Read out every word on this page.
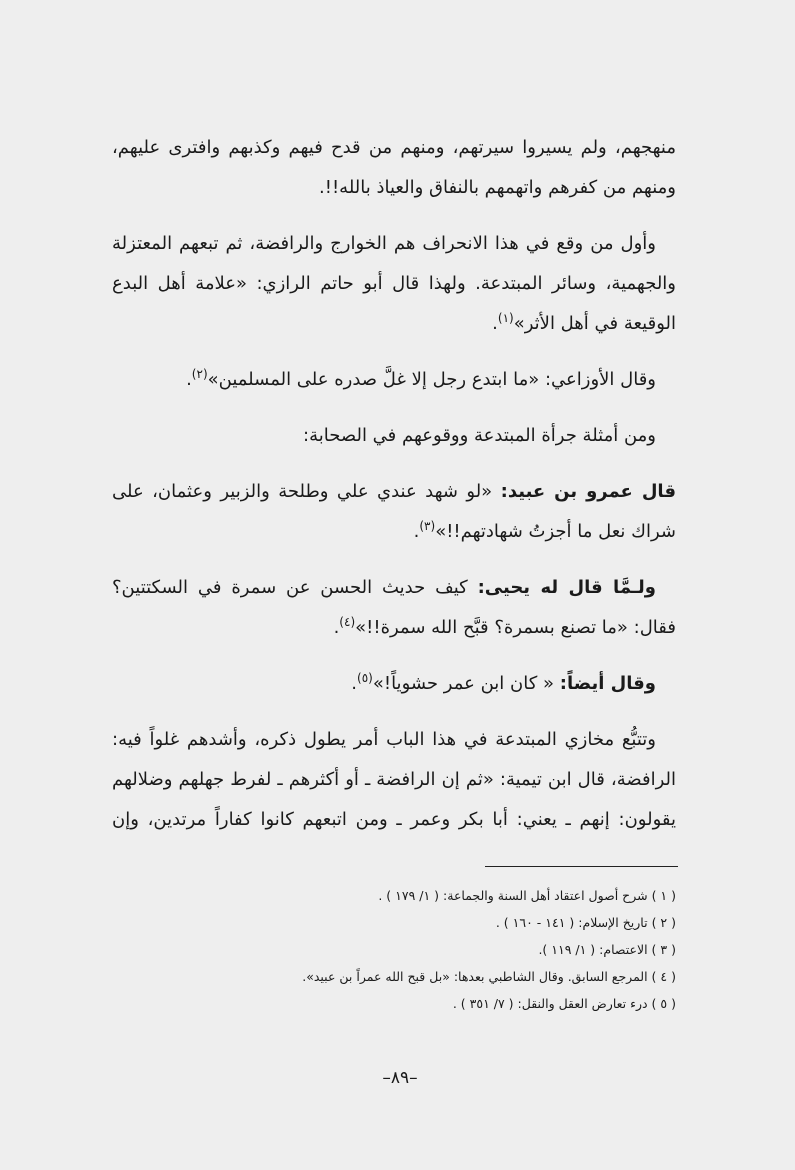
منهجهم، ولم يسيروا سيرتهم، ومنهم من قدح فيهم وكذبهم وافترى عليهم،
ومنهم من كفرهم واتهمهم بالنفاق والعياذ بالله!!.
وأول من وقع في هذا الانحراف هم الخوارج والرافضة، ثم تبعهم المعتزلة
والجهمية، وسائر المبتدعة. ولهذا قال أبو حاتم الرازي: «علامة أهل البدع
الوقيعة في أهل الأثر»$^{(١)}$.
وقال الأوزاعي: «ما ابتدع رجل إلا غلَّ صدره على المسلمين»$^{(٢)}$.
ومن أمثلة جرأة المبتدعة ووقوعهم في الصحابة:
قال عمرو بن عبيد: «لو شهد عندي علي وطلحة والزبير وعثمان، على
شراك نعل ما أجزتُ شهادتهم!!»$^{(٣)}$.
ولـمَّا قال له يحيى: كيف حديث الحسن عن سمرة في السكتتين؟
فقال: «ما تصنع بسمرة؟ قبَّح الله سمرة!!»$^{(٤)}$.
وقال أيضاً: « كان ابن عمر حشوياً!»$^{(٥)}$.
وتتبُّع مخازي المبتدعة في هذا الباب أمر يطول ذكره، وأشدهم غلواً فيه:
الرافضة، قال ابن تيمية: «ثم إن الرافضة ـ أو أكثرهم ـ لفرط جهلهم وضلالهم
يقولون: إنهم ـ يعني: أبا بكر وعمر ـ ومن اتبعهم كانوا كفاراً مرتدين، وإن
( ١ ) شرح أصول اعتقاد أهل السنة والجماعة: ( ١/ ١٧٩ ) .
( ٢ ) تاريخ الإسلام: ( ١٤١ - ١٦٠ ) .
( ٣ ) الاعتصام: ( ١/ ١١٩ ).
( ٤ ) المرجع السابق. وقال الشاطبي بعدها: «بل قبح الله عمراً بن عبيد».
( ٥ ) درء تعارض العقل والنقل: ( ٧/ ٣٥١ ) .
–٨٩–
